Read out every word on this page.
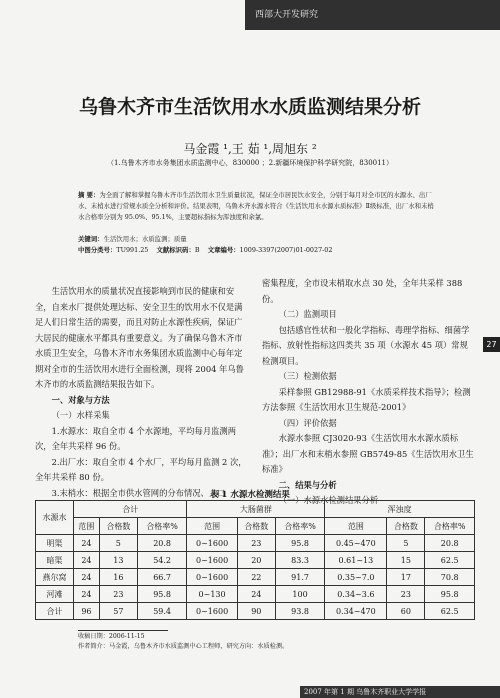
西部大开发研究
乌鲁木齐市生活饮用水水质监测结果分析
马金霞 ¹,王 茹 ¹,周旭东 ²
（1.乌鲁木齐市水务集团水质监测中心，830000 ；2.新疆环境保护科学研究院，830011）
摘 要：为全面了解和掌握乌鲁木齐市生活饮用水卫生质量状况，保证全市居民饮水安全，分别于每月对全市区的水源水、出厂水、末梢水进行常规水质全分析和评价。结果表明，乌鲁木齐水源水符合《生活饮用水水源水质标准》Ⅱ级标准，出厂水和末梢水合格率分别为 95.0%、95.1%，主要超标指标为浑浊度和余氯。
关键词：生活饮用水；水质监测；质量
中图分类号：TU991.25 文献标识码：B 文章编号：1009-3397(2007)01-0027-02

生活饮用水的质量状况直接影响到市民的健康和安全，自来水厂提供处理达标、安全卫生的饮用水不仅是满足人们日常生活的需要，而且对防止水源性疾病，保证广大居民的健康水平都具有重要意义。为了确保乌鲁木齐市水质卫生安全，乌鲁木齐市水务集团水质监测中心每年定期对全市的生活饮用水进行全面检测，现将 2004 年乌鲁木齐市的水质监测结果报告如下。

一、对象与方法

（一）水样采集

1.水源水：取自全市 4 个水源地，平均每月监测两次，全年共采样 96 份。

2.出厂水：取自全市 4 个水厂，平均每月监测 2 次，全年共采样 80 份。

3.末梢水：根据全市供水管网的分布情况、人口

密集程度，全市设末梢取水点 30 处，全年共采样 388 份。

（二）监测项目

包括感官性状和一般化学指标、毒理学指标、细菌学指标、放射性指标这四类共 35 项（水源水 45 项）常规检测项目。

（三）检测依据

采样参照 GB12988-91《水质采样技术指导》；检测方法参照《生活饮用水卫生规范-2001》

（四）评价依据

水源水参照 CJ3020-93《生活饮用水水源水质标准》；出厂水和末梢水参照 GB5749-85《生活饮用水卫生标准》

二、结果与分析

（一）水源水检测结果分析

27
表 1 水源水检测结果
水源水	合计			大肠菌群			浑浊度		
	范围	合格数	合格率%	范围	合格数	合格率%	范围	合格数	合格率%
明渠	24	5	20.8	0~1600	23	95.8	0.45~470	5	20.8
暗渠	24	13	54.2	0~1600	20	83.3	0.61~13	15	62.5
燕尔窝	24	16	66.7	0~1600	22	91.7	0.35~7.0	17	70.8
河滩	24	23	95.8	0~130	24	100	0.34~3.6	23	95.8
合计	96	57	59.4	0~1600	90	93.8	0.34~470	60	62.5
收稿日期：2006-11-15
作者简介：马金霞，乌鲁木齐市水质监测中心工程师，研究方向：水质检测。
2007 年第 1 期 乌鲁木齐职业大学学报
